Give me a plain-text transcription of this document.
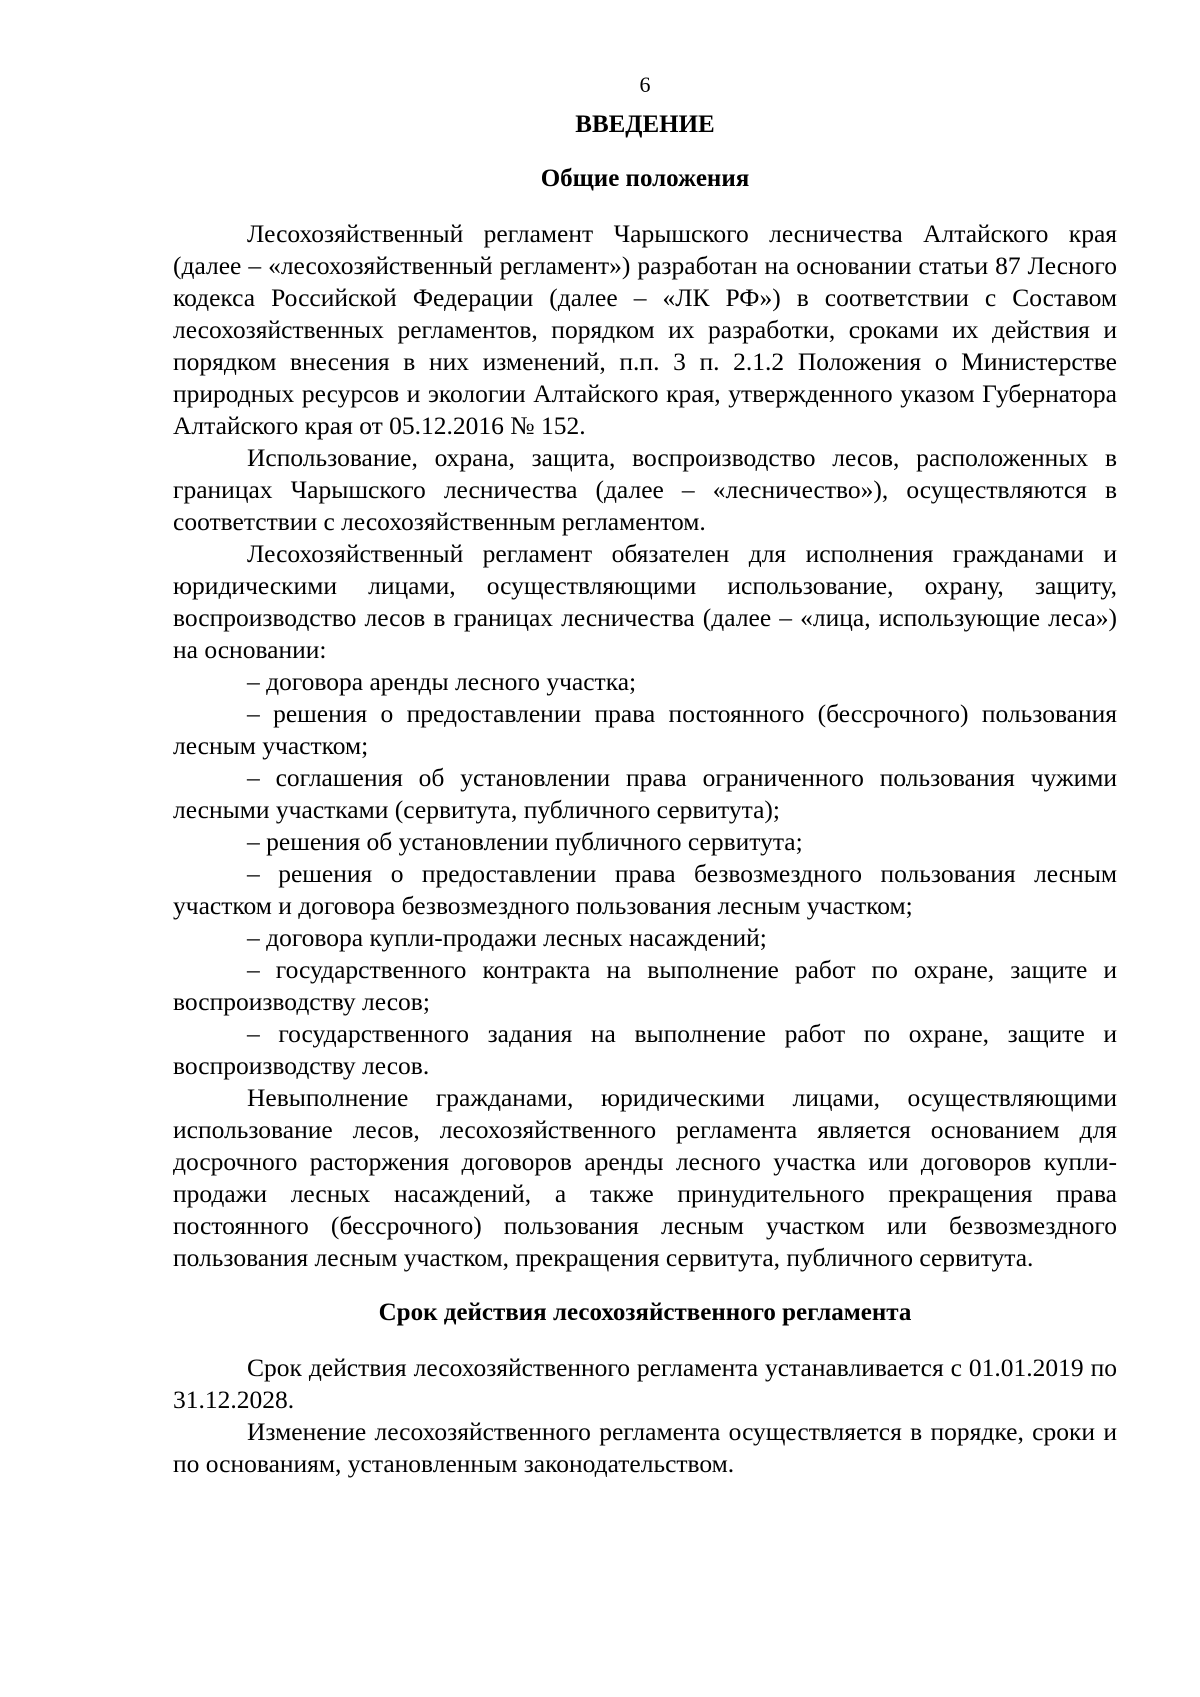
6
ВВЕДЕНИЕ
Общие положения

Лесохозяйственный регламент Чарышского лесничества Алтайского края (далее – «лесохозяйственный регламент») разработан на основании статьи 87 Лесного кодекса Российской Федерации (далее – «ЛК РФ») в соответствии с Составом лесохозяйственных регламентов, порядком их разработки, сроками их действия и порядком внесения в них изменений, п.п. 3 п. 2.1.2 Положения о Министерстве природных ресурсов и экологии Алтайского края, утвержденного указом Губернатора Алтайского края от 05.12.2016 № 152.

Использование, охрана, защита, воспроизводство лесов, расположенных в границах Чарышского лесничества (далее – «лесничество»), осуществляются в соответствии с лесохозяйственным регламентом.

Лесохозяйственный регламент обязателен для исполнения гражданами и юридическими лицами, осуществляющими использование, охрану, защиту, воспроизводство лесов в границах лесничества (далее – «лица, использующие леса») на основании:

– договора аренды лесного участка;

– решения о предоставлении права постоянного (бессрочного) пользования лесным участком;

– соглашения об установлении права ограниченного пользования чужими лесными участками (сервитута, публичного сервитута);

– решения об установлении публичного сервитута;

– решения о предоставлении права безвозмездного пользования лесным участком и договора безвозмездного пользования лесным участком;

– договора купли-продажи лесных насаждений;

– государственного контракта на выполнение работ по охране, защите и воспроизводству лесов;

– государственного задания на выполнение работ по охране, защите и воспроизводству лесов.

Невыполнение гражданами, юридическими лицами, осуществляющими использование лесов, лесохозяйственного регламента является основанием для досрочного расторжения договоров аренды лесного участка или договоров купли-продажи лесных насаждений, а также принудительного прекращения права постоянного (бессрочного) пользования лесным участком или безвозмездного пользования лесным участком, прекращения сервитута, публичного сервитута.

Срок действия лесохозяйственного регламента

Срок действия лесохозяйственного регламента устанавливается с 01.01.2019 по 31.12.2028.

Изменение лесохозяйственного регламента осуществляется в порядке, сроки и по основаниям, установленным законодательством.
